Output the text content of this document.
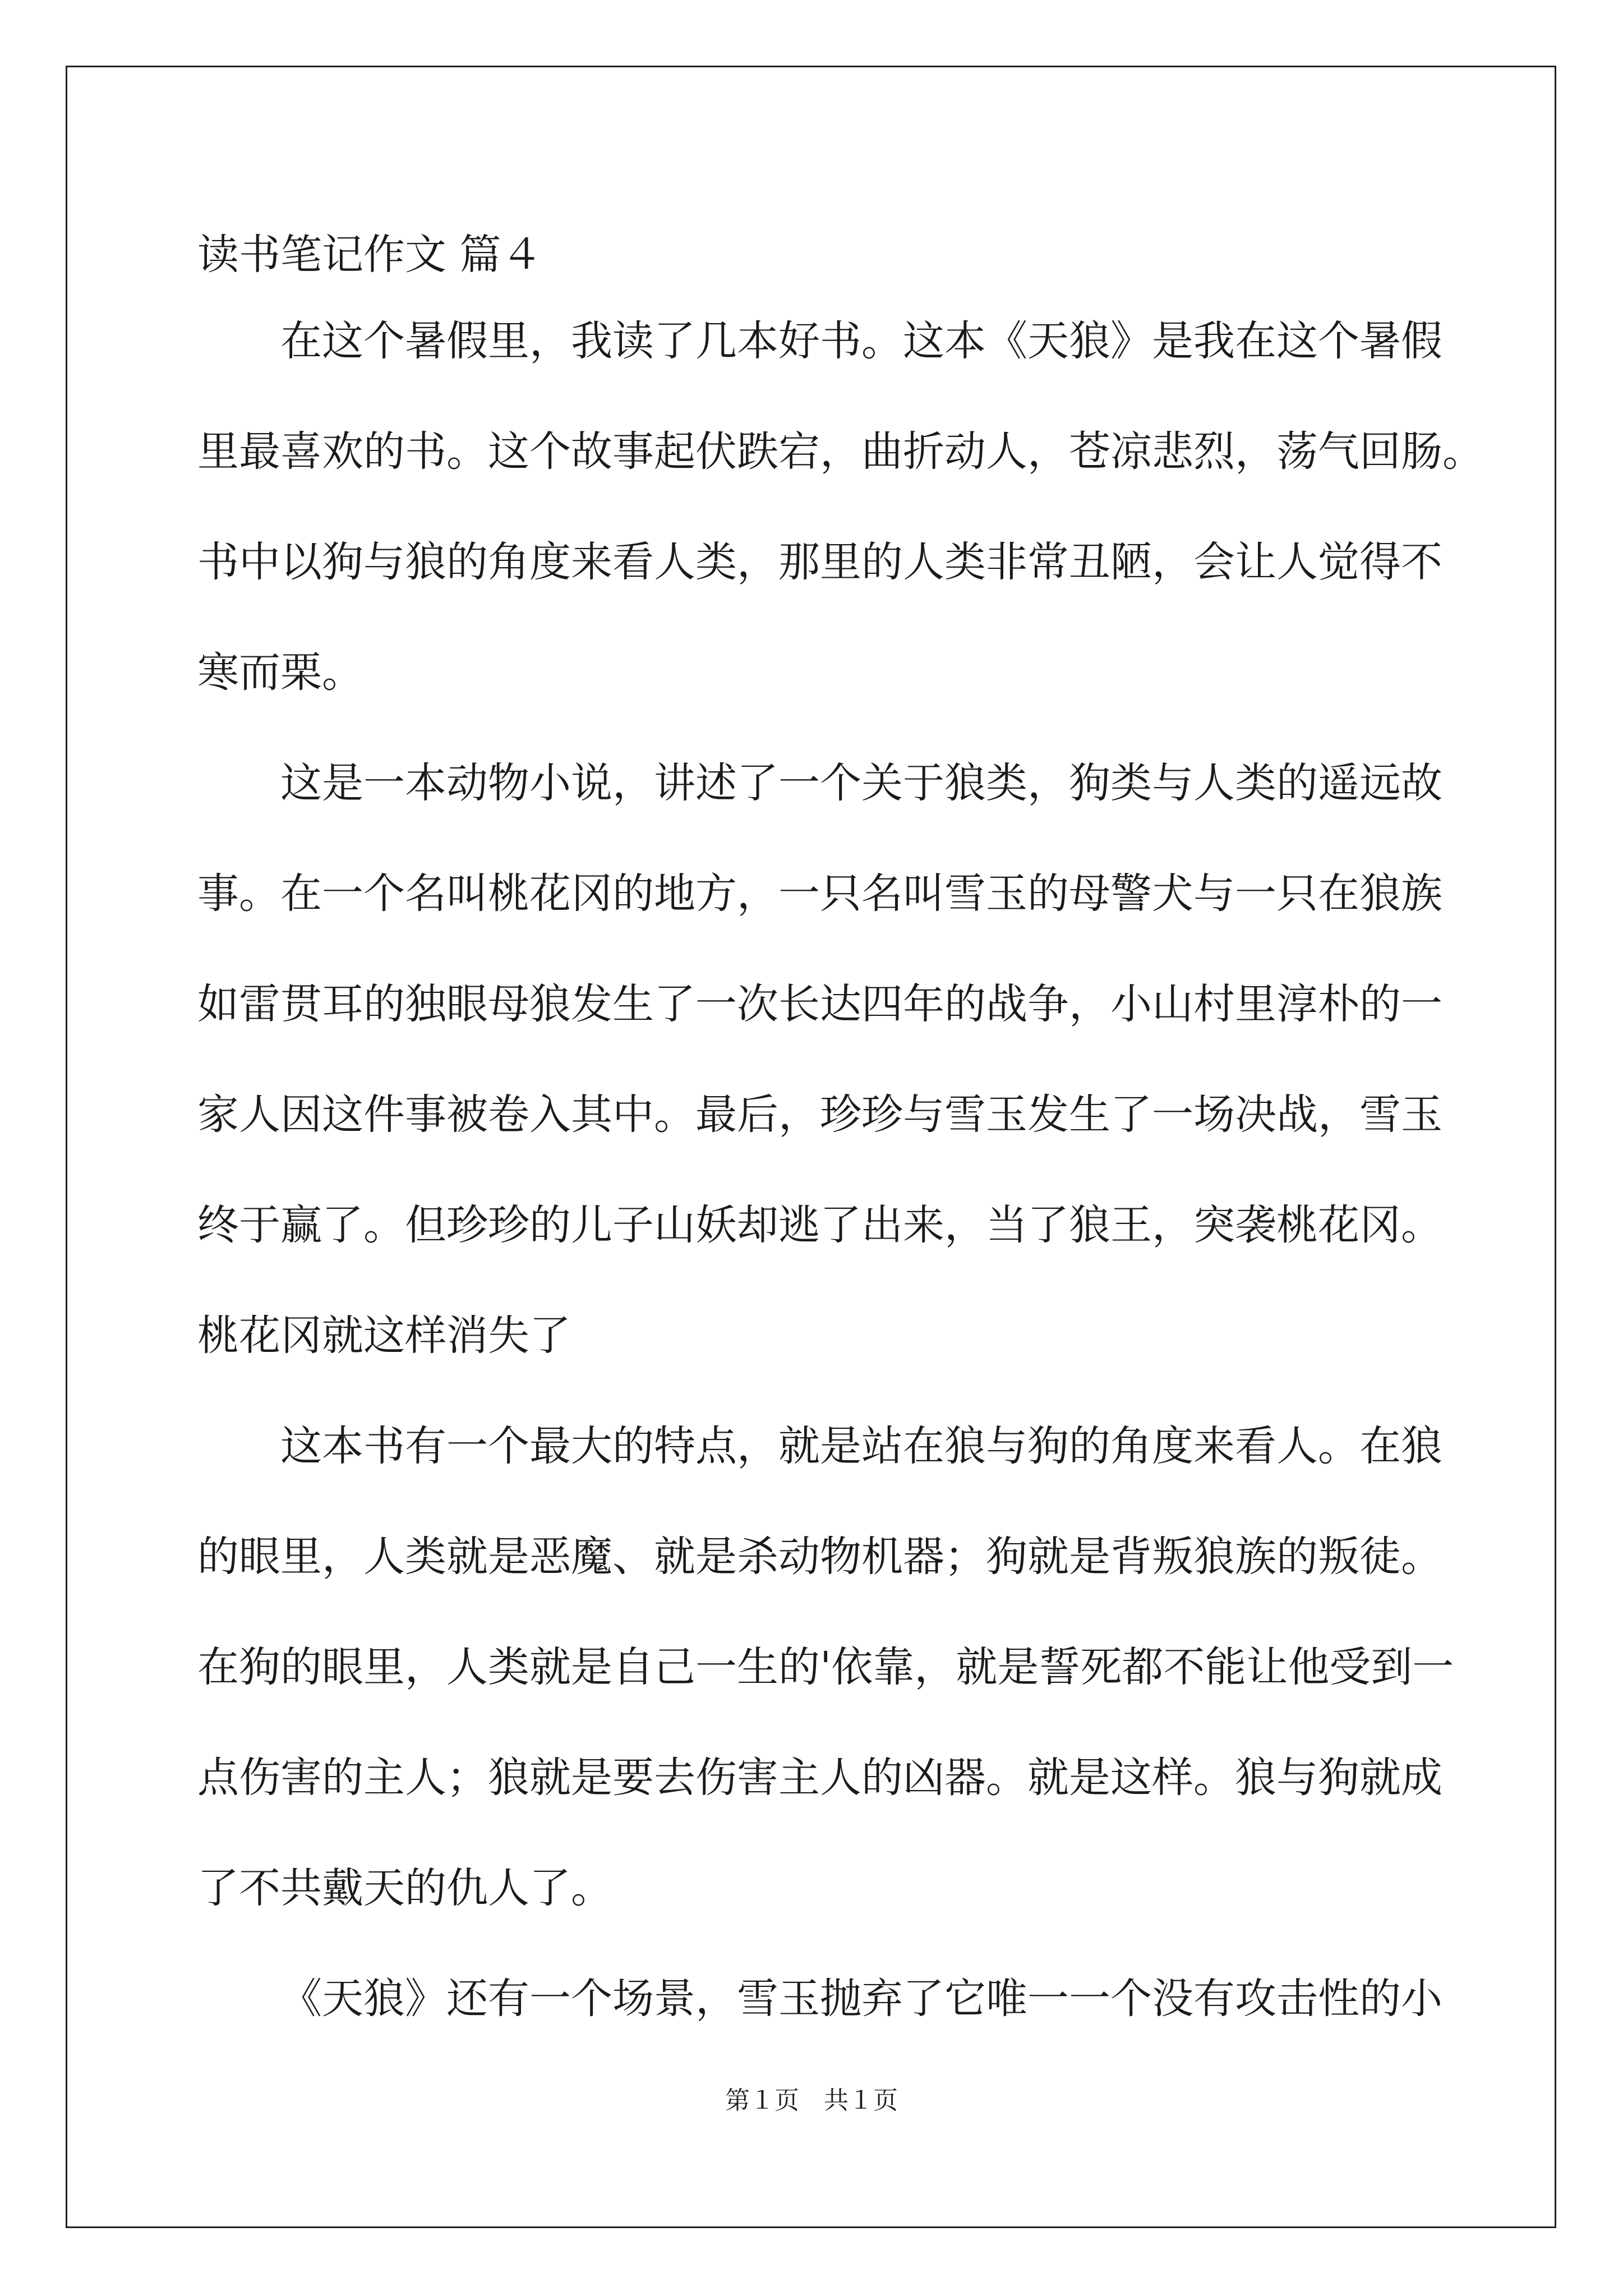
读书笔记作文 篇４
在这个暑假里，我读了几本好书。这本《天狼》是我在这个暑假
里最喜欢的书。这个故事起伏跌宕，曲折动人，苍凉悲烈，荡气回肠。
书中以狗与狼的角度来看人类，那里的人类非常丑陋，会让人觉得不
寒而栗。
这是一本动物小说，讲述了一个关于狼类，狗类与人类的遥远故
事。在一个名叫桃花冈的地方，一只名叫雪玉的母警犬与一只在狼族
如雷贯耳的独眼母狼发生了一次长达四年的战争，小山村里淳朴的一
家人因这件事被卷入其中。最后，珍珍与雪玉发生了一场决战，雪玉
终于赢了。但珍珍的儿子山妖却逃了出来，当了狼王，突袭桃花冈。
桃花冈就这样消失了
这本书有一个最大的特点，就是站在狼与狗的角度来看人。在狼
的眼里，人类就是恶魔、就是杀动物机器；狗就是背叛狼族的叛徒。
在狗的眼里，人类就是自己一生的'依靠，就是誓死都不能让他受到一
点伤害的主人；狼就是要去伤害主人的凶器。就是这样。狼与狗就成
了不共戴天的仇人了。
《天狼》还有一个场景，雪玉抛弃了它唯一一个没有攻击性的小
第１页　共１页
